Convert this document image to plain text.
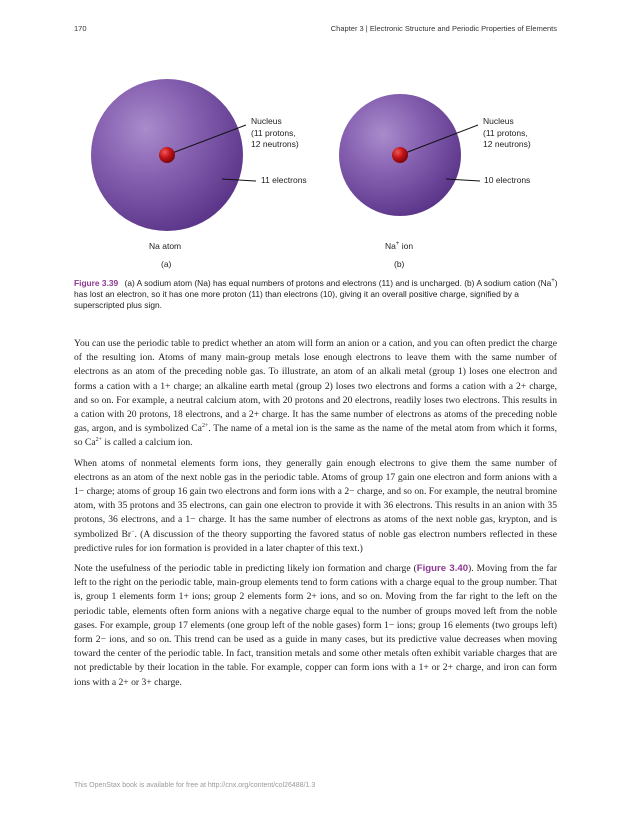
170	Chapter 3 | Electronic Structure and Periodic Properties of Elements
Nucleus
(11 protons,
12 neutrons)
11 electrons
Na atom
(a)
Nucleus
(11 protons,
12 neutrons)
10 electrons
Na+ ion
(b)
Figure 3.39 (a) A sodium atom (Na) has equal numbers of protons and electrons (11) and is uncharged. (b) A sodium cation (Na+) has lost an electron, so it has one more proton (11) than electrons (10), giving it an overall positive charge, signified by a superscripted plus sign.

You can use the periodic table to predict whether an atom will form an anion or a cation, and you can often predict the charge of the resulting ion. Atoms of many main-group metals lose enough electrons to leave them with the same number of electrons as an atom of the preceding noble gas. To illustrate, an atom of an alkali metal (group 1) loses one electron and forms a cation with a 1+ charge; an alkaline earth metal (group 2) loses two electrons and forms a cation with a 2+ charge, and so on. For example, a neutral calcium atom, with 20 protons and 20 electrons, readily loses two electrons. This results in a cation with 20 protons, 18 electrons, and a 2+ charge. It has the same number of electrons as atoms of the preceding noble gas, argon, and is symbolized $Ca^{2+}$. The name of a metal ion is the same as the name of the metal atom from which it forms, so $Ca^{2+}$ is called a calcium ion.

When atoms of nonmetal elements form ions, they generally gain enough electrons to give them the same number of electrons as an atom of the next noble gas in the periodic table. Atoms of group 17 gain one electron and form anions with a 1− charge; atoms of group 16 gain two electrons and form ions with a 2− charge, and so on. For example, the neutral bromine atom, with 35 protons and 35 electrons, can gain one electron to provide it with 36 electrons. This results in an anion with 35 protons, 36 electrons, and a 1− charge. It has the same number of electrons as atoms of the next noble gas, krypton, and is symbolized Br−. (A discussion of the theory supporting the favored status of noble gas electron numbers reflected in these predictive rules for ion formation is provided in a later chapter of this text.)

Note the usefulness of the periodic table in predicting likely ion formation and charge (Figure 3.40). Moving from the far left to the right on the periodic table, main-group elements tend to form cations with a charge equal to the group number. That is, group 1 elements form 1+ ions; group 2 elements form 2+ ions, and so on. Moving from the far right to the left on the periodic table, elements often form anions with a negative charge equal to the number of groups moved left from the noble gases. For example, group 17 elements (one group left of the noble gases) form 1− ions; group 16 elements (two groups left) form 2− ions, and so on. This trend can be used as a guide in many cases, but its predictive value decreases when moving toward the center of the periodic table. In fact, transition metals and some other metals often exhibit variable charges that are not predictable by their location in the table. For example, copper can form ions with a 1+ or 2+ charge, and iron can form ions with a 2+ or 3+ charge.

This OpenStax book is available for free at http://cnx.org/content/col26488/1.3
